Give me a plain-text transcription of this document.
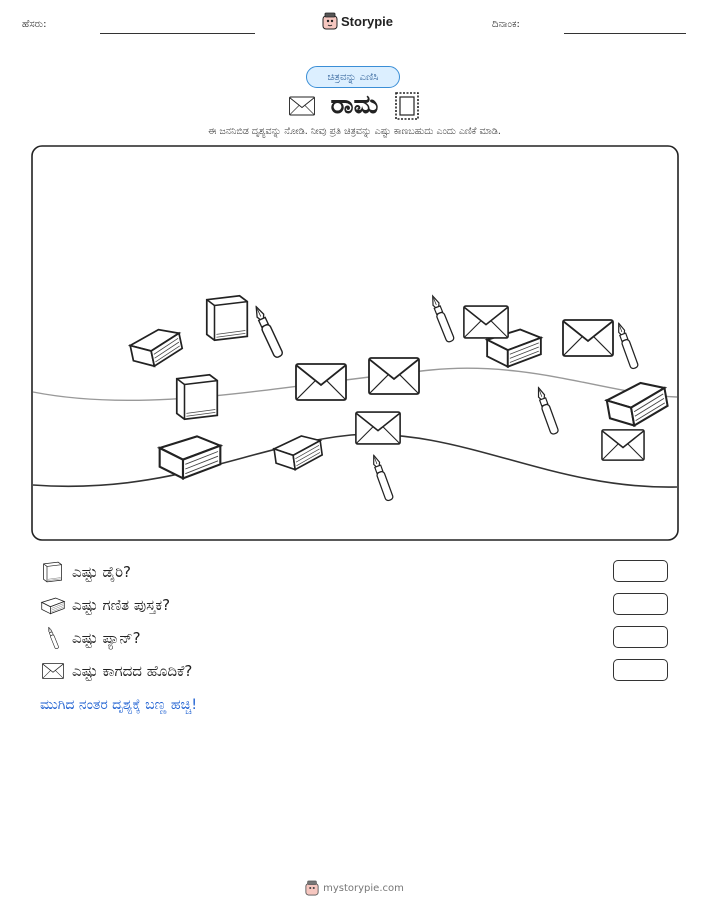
ಹೆಸರು:	Storypie	ದಿನಾಂಕ:
ಚಿತ್ರವನ್ನು ಎಣಿಸಿ
ರಾಮ
ಈ ಜನನಿಬಿಡ ದೃಶ್ಯವನ್ನು ನೋಡಿ. ನೀವು ಪ್ರತಿ ಚಿತ್ರವನ್ನು ಎಷ್ಟು ಕಾಣಬಹುದು ಎಂದು ಎಣಿಕೆ ಮಾಡಿ.
ಎಷ್ಟು ಡೈರಿ?
ಎಷ್ಟು ಗಣಿತ ಪುಸ್ತಕ?
ಎಷ್ಟು ಪ್ಯಾನ್?
ಎಷ್ಟು ಕಾಗದದ ಹೊದಿಕೆ?
ಮುಗಿದ ನಂತರ ದೃಶ್ಯಕ್ಕೆ ಬಣ್ಣ ಹಚ್ಚಿ!
mystorypie.com
